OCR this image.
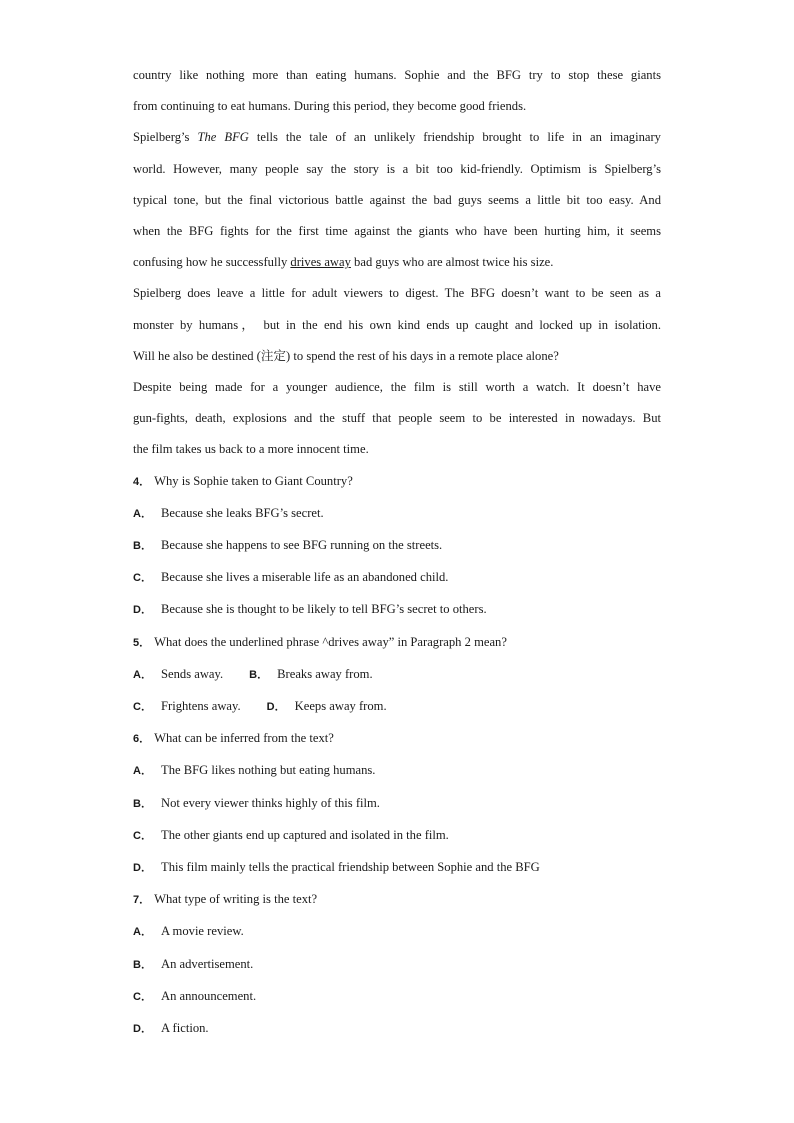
country like nothing more than eating humans. Sophie and the BFG try to stop these giants
from continuing to eat humans. During this period, they become good friends.
Spielberg’s The BFG tells the tale of an unlikely friendship brought to life in an imaginary
world. However, many people say the story is a bit too kid-friendly. Optimism is Spielberg’s
typical tone, but the final victorious battle against the bad guys seems a little bit too easy. And
when the BFG fights for the first time against the giants who have been hurting him, it seems
confusing how he successfully drives away bad guys who are almost twice his size.
Spielberg does leave a little for adult viewers to digest. The BFG doesn’t want to be seen as a
monster by humans， but in the end his own kind ends up caught and locked up in isolation.
Will he also be destined (注定) to spend the rest of his days in a remote place alone?
Despite being made for a younger audience, the film is still worth a watch. It doesn’t have
gun-fights, death, explosions and the stuff that people seem to be interested in nowadays. But
the film takes us back to a more innocent time.

4． Why is Sophie taken to Giant Country?

A． Because she leaks BFG’s secret.

B． Because she happens to see BFG running on the streets.

C． Because she lives a miserable life as an abandoned child.

D． Because she is thought to be likely to tell BFG’s secret to others.

5． What does the underlined phrase ^drives away” in Paragraph 2 mean?

A． Sends away. B． Breaks away from.

C． Frightens away. D． Keeps away from.

6． What can be inferred from the text?

A． The BFG likes nothing but eating humans.

B． Not every viewer thinks highly of this film.

C． The other giants end up captured and isolated in the film.

D． This film mainly tells the practical friendship between Sophie and the BFG

7． What type of writing is the text?

A． A movie review.

B． An advertisement.

C． An announcement.

D． A fiction.
